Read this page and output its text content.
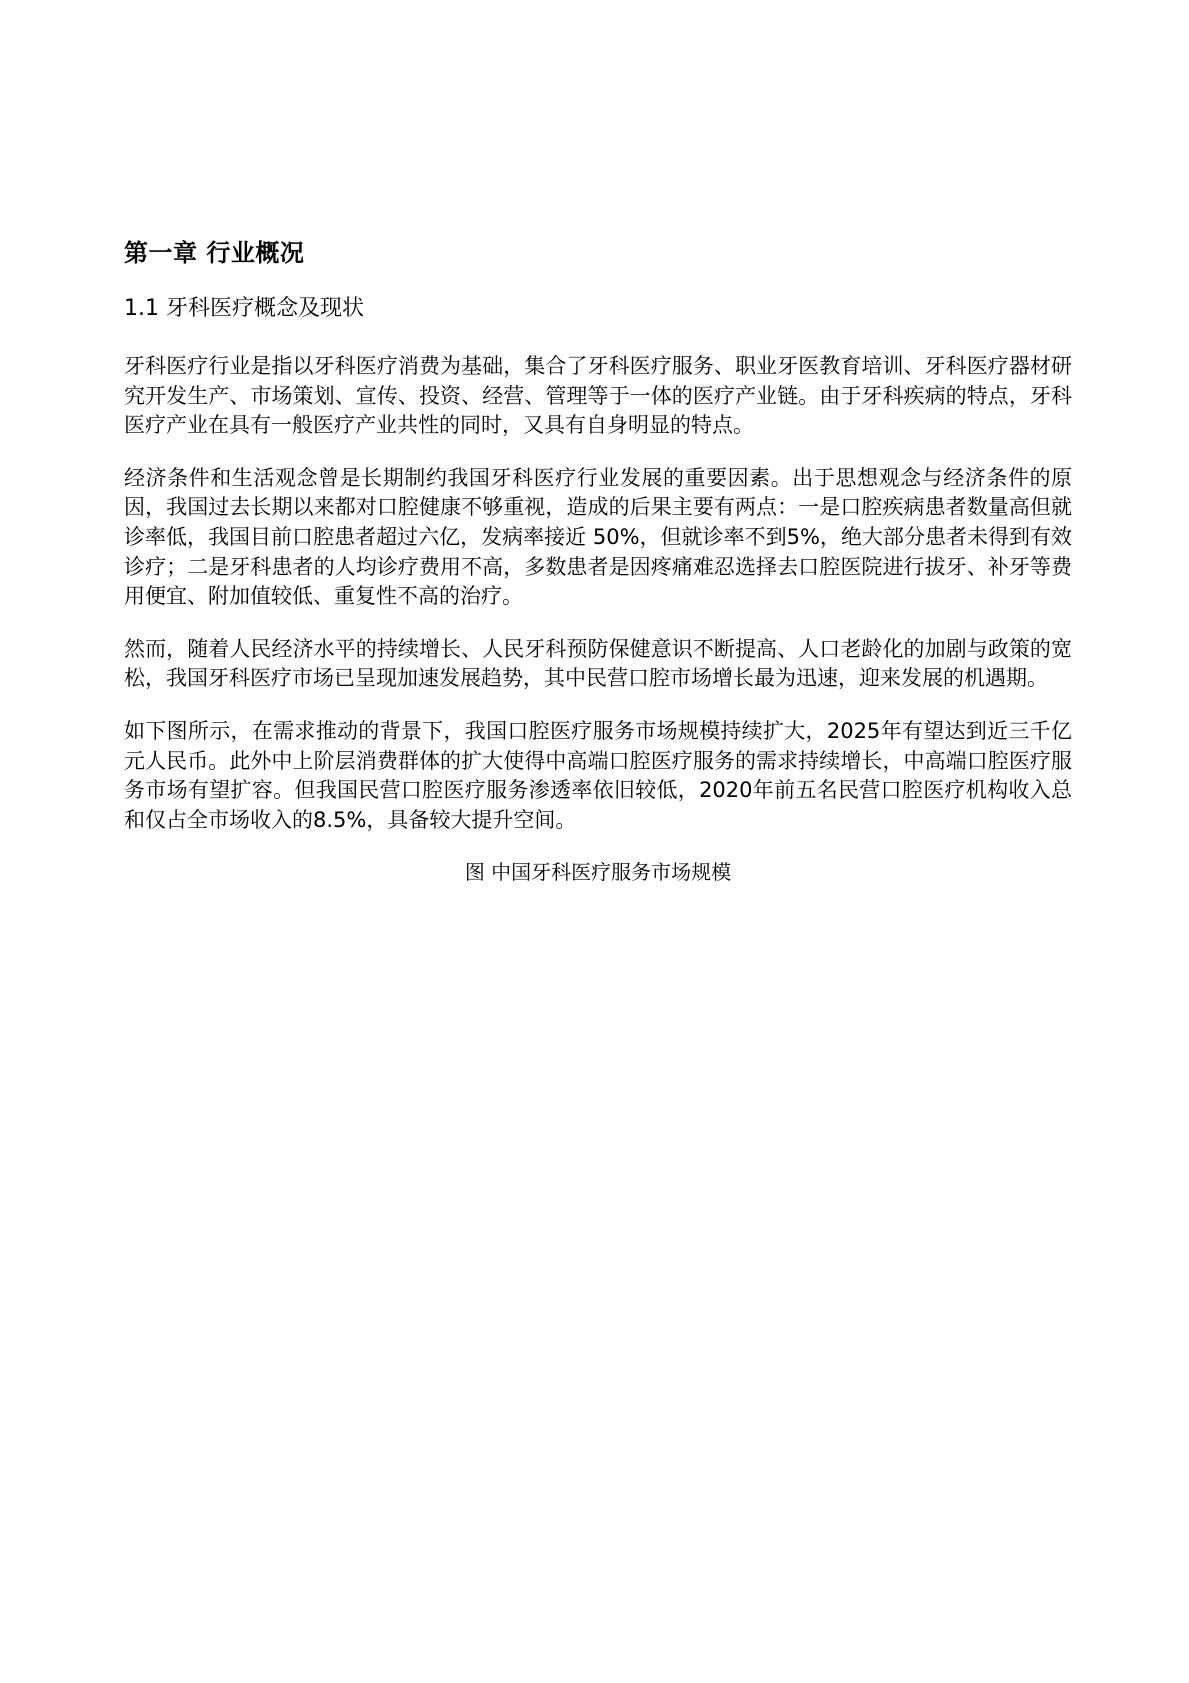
第一章 行业概况
1.1 牙科医疗概念及现状

牙科医疗行业是指以牙科医疗消费为基础，集合了牙科医疗服务、职业牙医教育培训、牙科医疗器材研究开发生产、市场策划、宣传、投资、经营、管理等于一体的医疗产业链。由于牙科疾病的特点，牙科医疗产业在具有一般医疗产业共性的同时，又具有自身明显的特点。

经济条件和生活观念曾是长期制约我国牙科医疗行业发展的重要因素。出于思想观念与经济条件的原因，我国过去长期以来都对口腔健康不够重视，造成的后果主要有两点：一是口腔疾病患者数量高但就诊率低，我国目前口腔患者超过六亿，发病率接近 50%，但就诊率不到5%，绝大部分患者未得到有效诊疗；二是牙科患者的人均诊疗费用不高，多数患者是因疼痛难忍选择去口腔医院进行拔牙、补牙等费用便宜、附加值较低、重复性不高的治疗。

然而，随着人民经济水平的持续增长、人民牙科预防保健意识不断提高、人口老龄化的加剧与政策的宽松，我国牙科医疗市场已呈现加速发展趋势，其中民营口腔市场增长最为迅速，迎来发展的机遇期。

如下图所示，在需求推动的背景下，我国口腔医疗服务市场规模持续扩大，2025年有望达到近三千亿元人民币。此外中上阶层消费群体的扩大使得中高端口腔医疗服务的需求持续增长，中高端口腔医疗服务市场有望扩容。但我国民营口腔医疗服务渗透率依旧较低，2020年前五名民营口腔医疗机构收入总和仅占全市场收入的8.5%，具备较大提升空间。

图 中国牙科医疗服务市场规模
